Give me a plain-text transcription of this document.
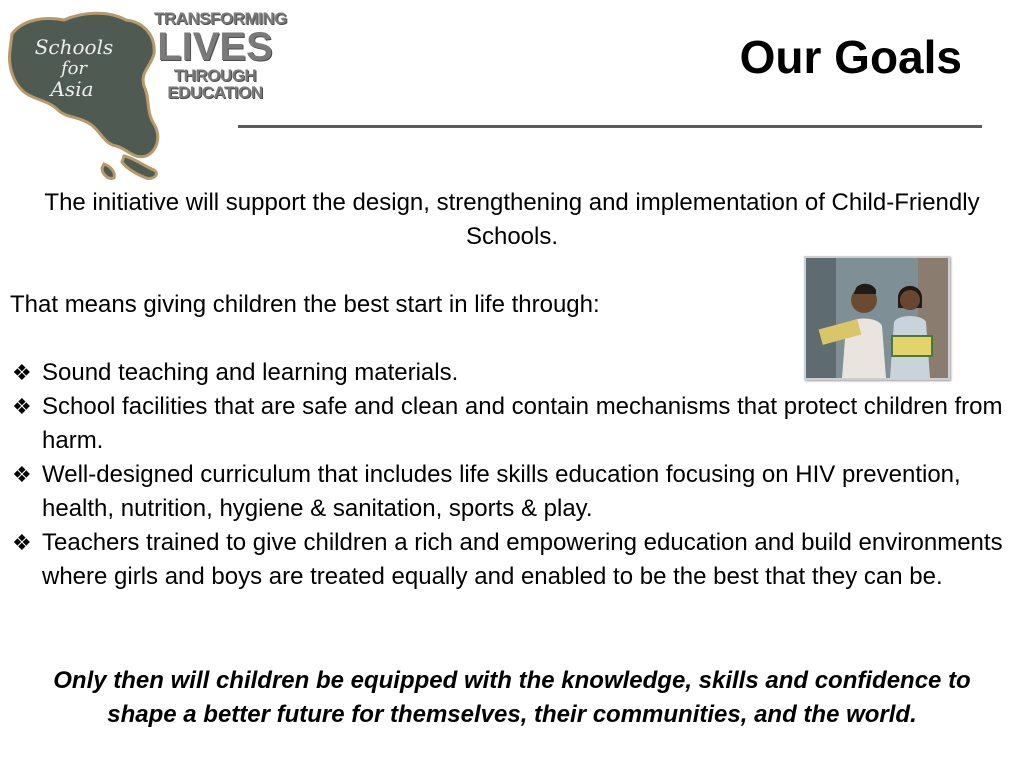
Schools
for
Asia
TRANSFORMING
LIVES
THROUGH
EDUCATION
Our Goals
The initiative will support the design, strengthening and implementation of Child-Friendly Schools.
That means giving children the best start in life through:
❖ Sound teaching and learning materials.
❖ School facilities that are safe and clean and contain mechanisms that protect children from harm.
❖ Well-designed curriculum that includes life skills education focusing on HIV prevention, health, nutrition, hygiene & sanitation, sports & play.
❖ Teachers trained to give children a rich and empowering education and build environments where girls and boys are treated equally and enabled to be the best that they can be.
Only then will children be equipped with the knowledge, skills and confidence to shape a better future for themselves, their communities, and the world.
